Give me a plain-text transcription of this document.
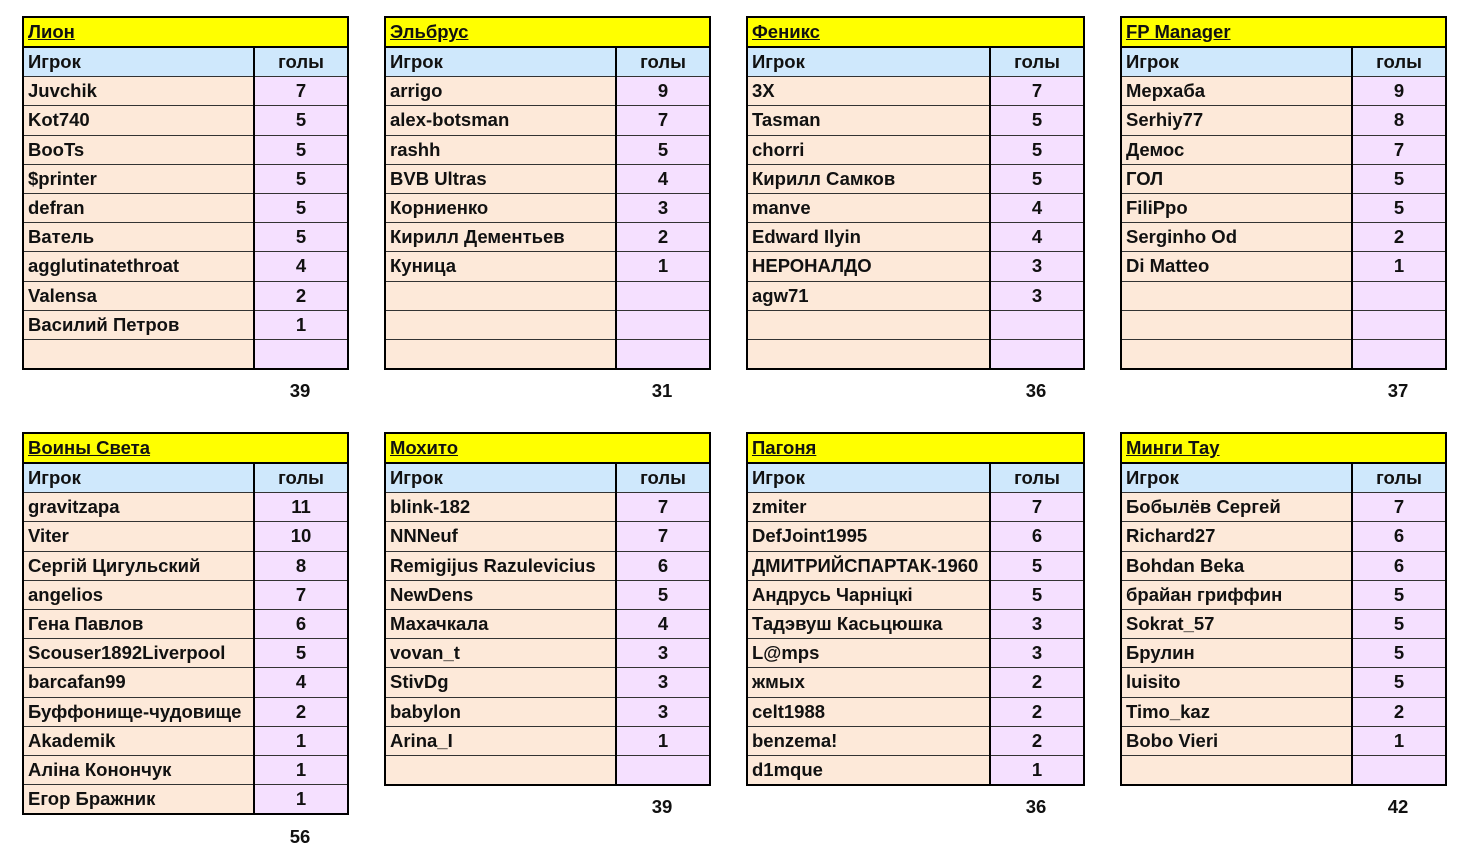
Лион	
Игрок	голы
Juvchik	7
Kot740	5
BooTs	5
$printer	5
defran	5
Ватель	5
agglutinatethroat	4
Valensa	2
Василий Петров	1

39
Эльбрус	
Игрок	голы
arrigo	9
alex-botsman	7
rashh	5
BVB Ultras	4
Корниенко	3
Кирилл Дементьев	2
Куница	1

31
Феникс	
Игрок	голы
3X	7
Tasman	5
chorri	5
Кирилл Самков	5
manve	4
Edward Ilyin	4
НЕРОНАЛДО	3
agw71	3

36
FP Manager	
Игрок	голы
Мерхаба	9
Serhiy77	8
Демос	7
ГОЛ	5
FiliPpo	5
Serginho Od	2
Di Matteo	1

37
Воины Света	
Игрок	голы
gravitzapa	11
Viter	10
Сергій Цигульский	8
angelios	7
Гена Павлов	6
Scouser1892Liverpool	5
barcafan99	4
Буффонище-чудовище	2
Akademik	1
Аліна Конончук	1
Егор Бражник	1
56
Мохито	
Игрок	голы
blink-182	7
NNNeuf	7
Remigijus Razulevicius	6
NewDens	5
Махачкала	4
vovan_t	3
StivDg	3
babylon	3
Arina_I	1

39
Пагоня	
Игрок	голы
zmiter	7
DefJoint1995	6
ДМИТРИЙСПАРТАК-1960	5
Андрусь Чарніцкі	5
Тадэвуш Касьцюшка	3
L@mps	3
жмых	2
celt1988	2
benzema!	2
d1mque	1
36
Минги Тау	
Игрок	голы
Бобылёв Сергей	7
Richard27	6
Bohdan Beka	6
брайан гриффин	5
Sokrat_57	5
Брулин	5
luisito	5
Timo_kaz	2
Bobo Vieri	1

42
